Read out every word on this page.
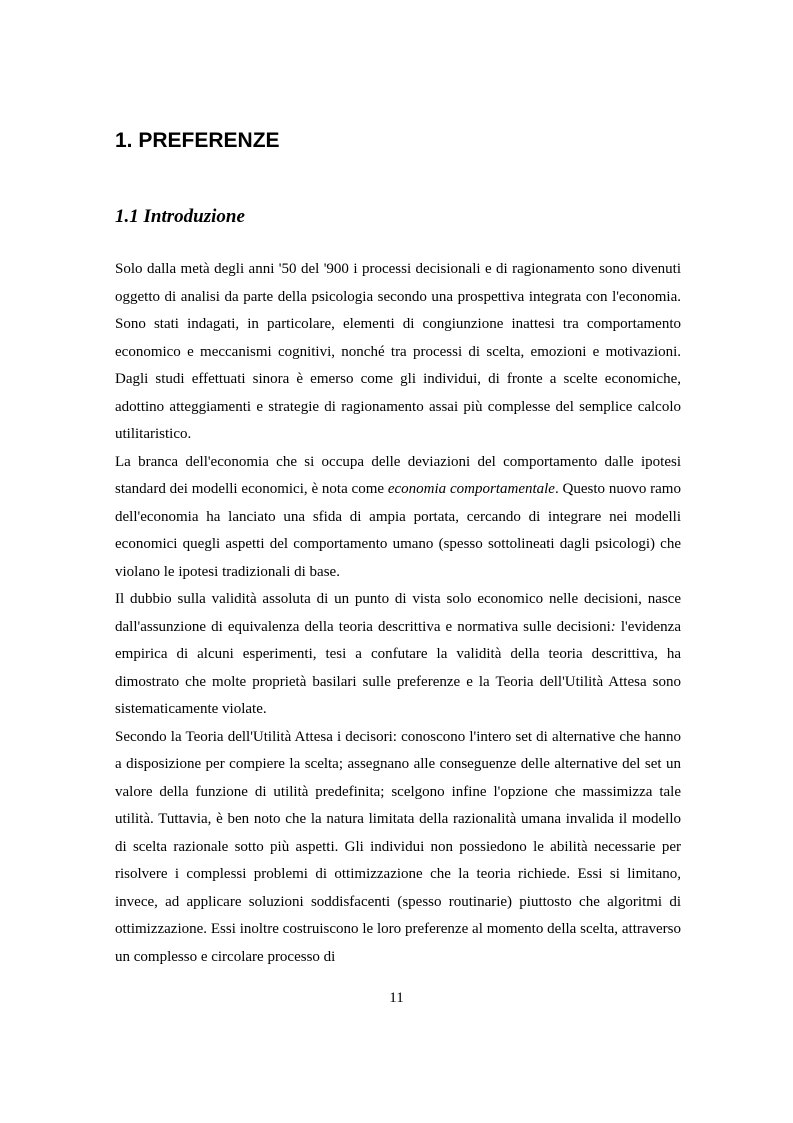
1. PREFERENZE
1.1 Introduzione

Solo dalla metà degli anni '50 del '900 i processi decisionali e di ragionamento sono divenuti oggetto di analisi da parte della psicologia secondo una prospettiva integrata con l'economia. Sono stati indagati, in particolare, elementi di congiunzione inattesi tra comportamento economico e meccanismi cognitivi, nonché tra processi di scelta, emozioni e motivazioni. Dagli studi effettuati sinora è emerso come gli individui, di fronte a scelte economiche, adottino atteggiamenti e strategie di ragionamento assai più complesse del semplice calcolo utilitaristico.

La branca dell'economia che si occupa delle deviazioni del comportamento dalle ipotesi standard dei modelli economici, è nota come economia comportamentale. Questo nuovo ramo dell'economia ha lanciato una sfida di ampia portata, cercando di integrare nei modelli economici quegli aspetti del comportamento umano (spesso sottolineati dagli psicologi) che violano le ipotesi tradizionali di base.

Il dubbio sulla validità assoluta di un punto di vista solo economico nelle decisioni, nasce dall'assunzione di equivalenza della teoria descrittiva e normativa sulle decisioni: l'evidenza empirica di alcuni esperimenti, tesi a confutare la validità della teoria descrittiva, ha dimostrato che molte proprietà basilari sulle preferenze e la Teoria dell'Utilità Attesa sono sistematicamente violate.

Secondo la Teoria dell'Utilità Attesa i decisori: conoscono l'intero set di alternative che hanno a disposizione per compiere la scelta; assegnano alle conseguenze delle alternative del set un valore della funzione di utilità predefinita; scelgono infine l'opzione che massimizza tale utilità. Tuttavia, è ben noto che la natura limitata della razionalità umana invalida il modello di scelta razionale sotto più aspetti. Gli individui non possiedono le abilità necessarie per risolvere i complessi problemi di ottimizzazione che la teoria richiede. Essi si limitano, invece, ad applicare soluzioni soddisfacenti (spesso routinarie) piuttosto che algoritmi di ottimizzazione. Essi inoltre costruiscono le loro preferenze al momento della scelta, attraverso un complesso e circolare processo di

11
